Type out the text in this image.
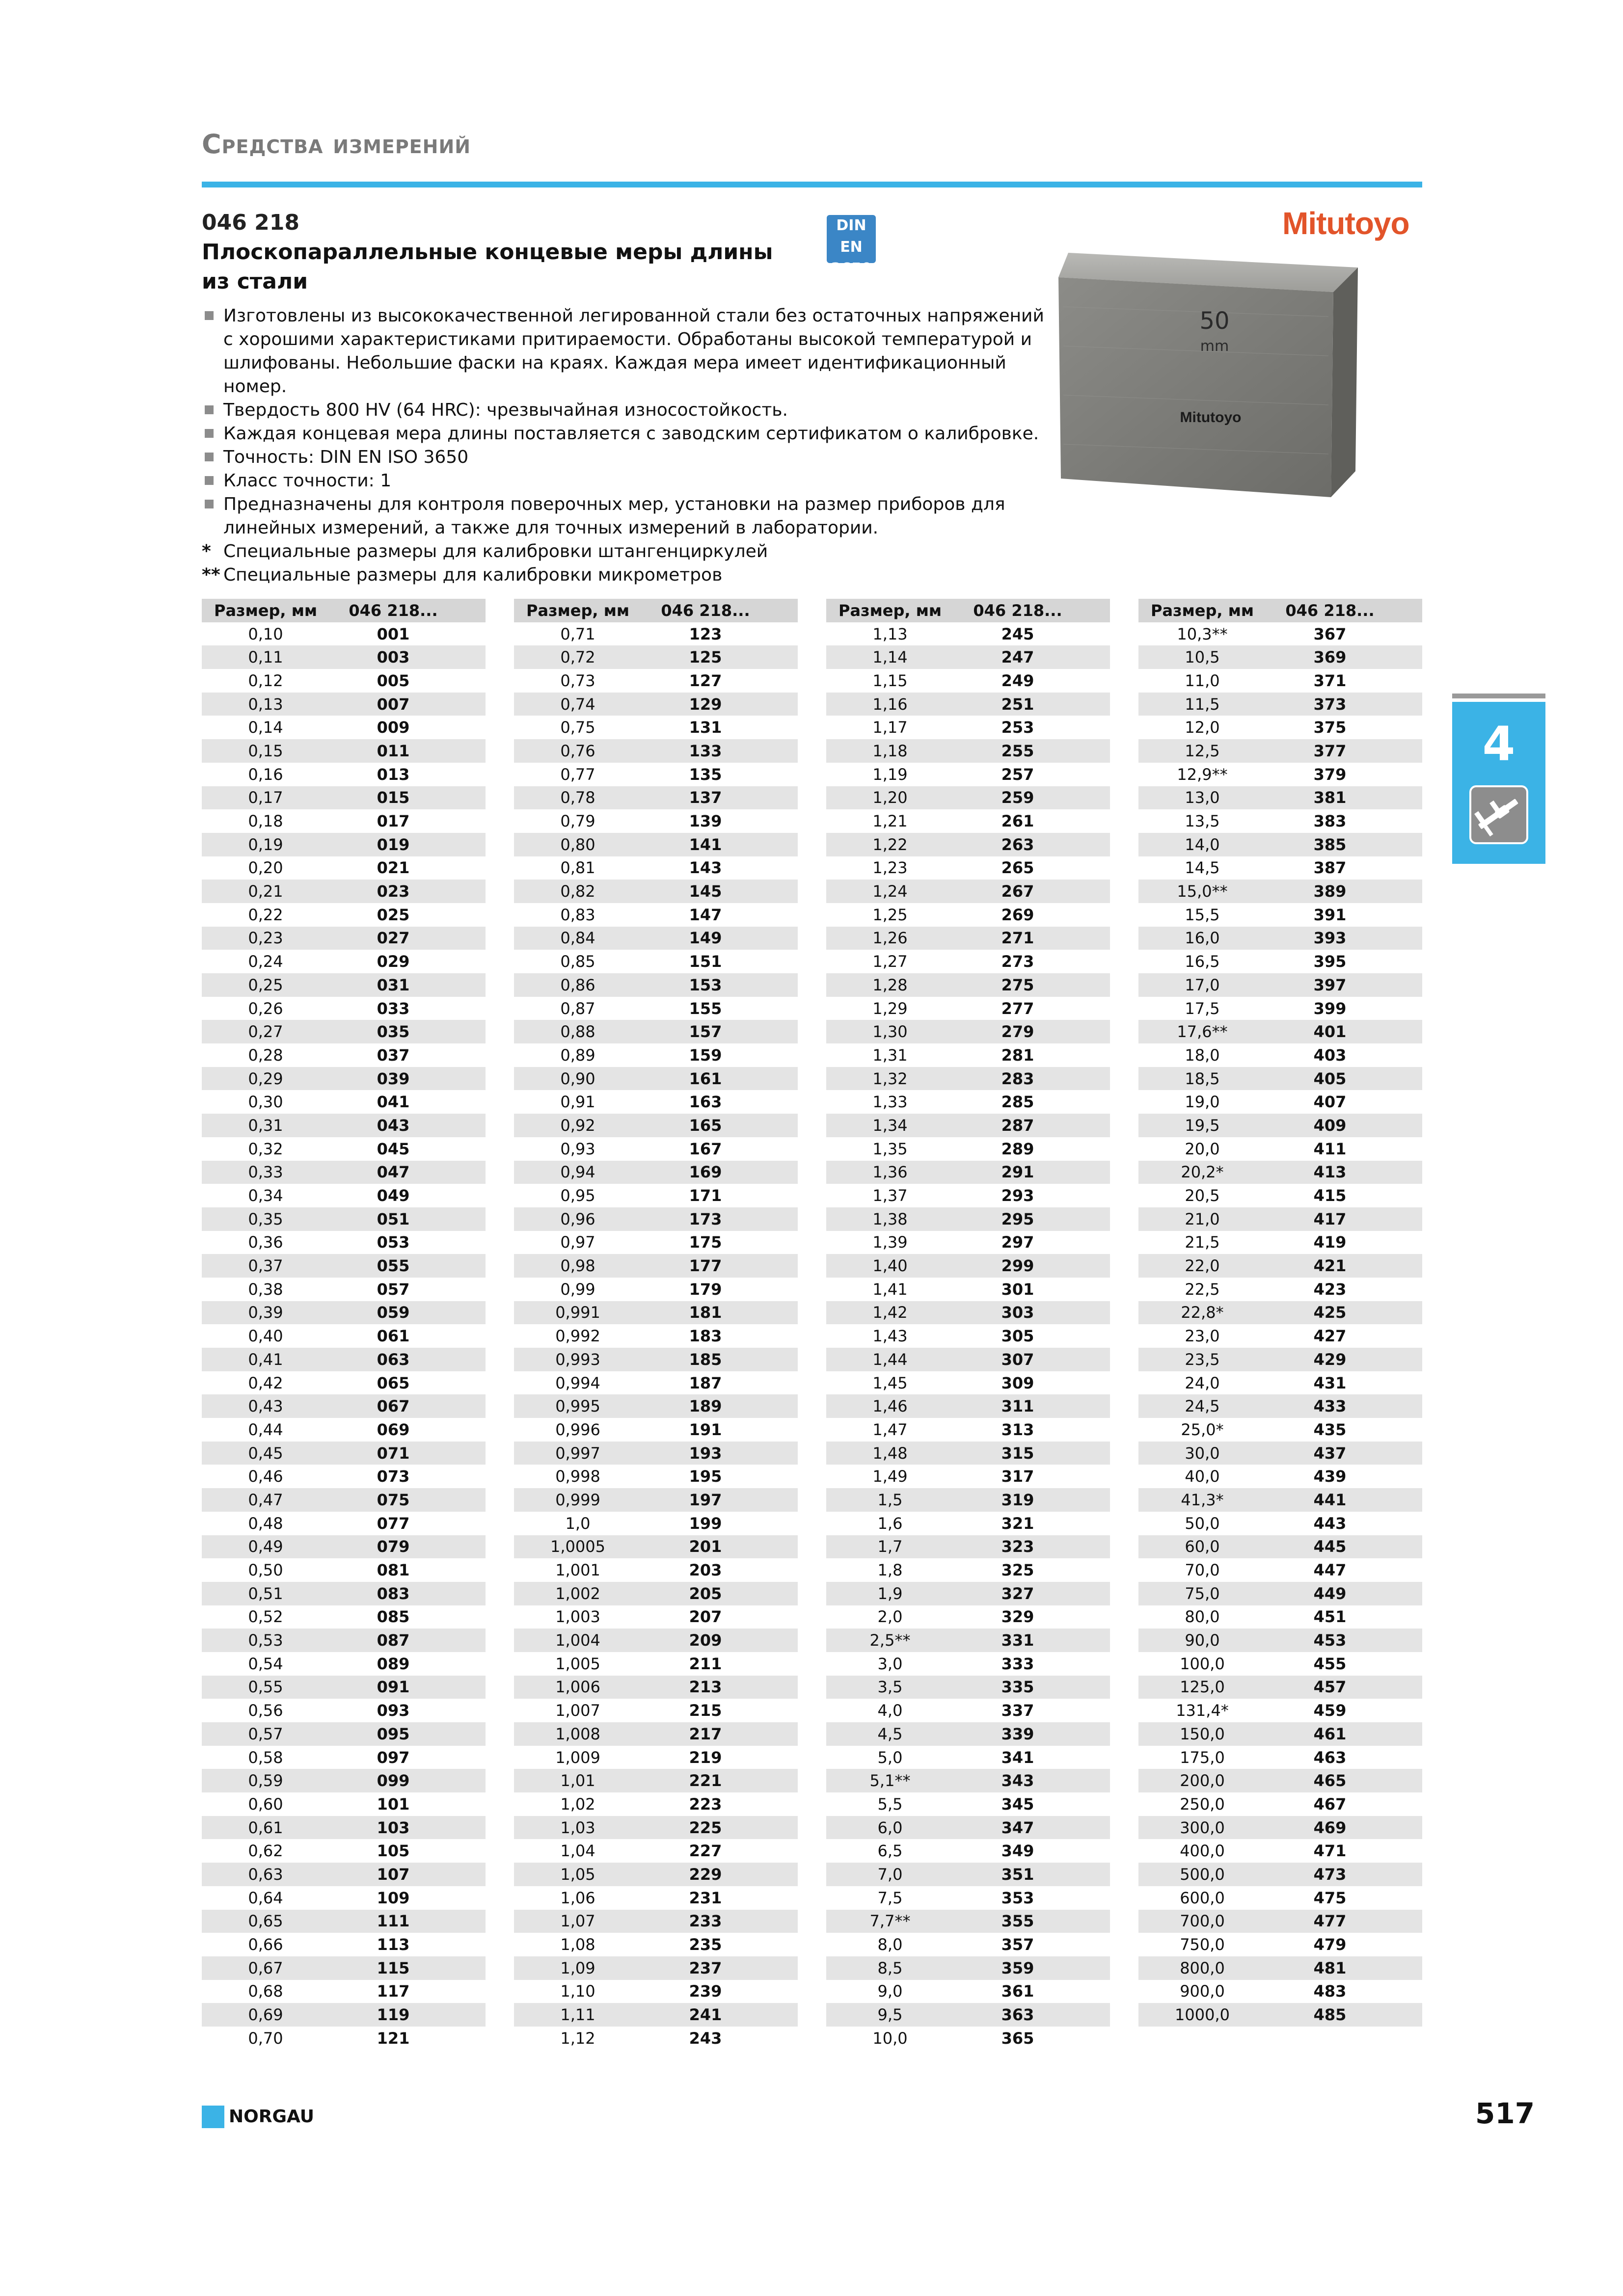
Средства измерений
046 218
Плоскопараллельные концевые меры длины
из стали
DIN EN
3650
Mitutoyo
50
mm
Mitutoyo
Изготовлены из высококачественной легированной стали без остаточных напряжений с хорошими характеристиками притираемости. Обработаны высокой температурой и шлифованы. Небольшие фаски на краях. Каждая мера имеет идентификационный номер.
Твердость 800 HV (64 HRC): чрезвычайная износостойкость.
Каждая концевая мера длины поставляется с заводским сертификатом о калибровке.
Точность: DIN EN ISO 3650
Класс точности: 1
Предназначены для контроля поверочных мер, установки на размер приборов для линейных измерений, а также для точных измерений в лаборатории.
* Специальные размеры для калибровки штангенциркулей
** Специальные размеры для калибровки микрометров
Размер, мм	046 218...
0,10	001
0,11	003
0,12	005
0,13	007
0,14	009
0,15	011
0,16	013
0,17	015
0,18	017
0,19	019
0,20	021
0,21	023
0,22	025
0,23	027
0,24	029
0,25	031
0,26	033
0,27	035
0,28	037
0,29	039
0,30	041
0,31	043
0,32	045
0,33	047
0,34	049
0,35	051
0,36	053
0,37	055
0,38	057
0,39	059
0,40	061
0,41	063
0,42	065
0,43	067
0,44	069
0,45	071
0,46	073
0,47	075
0,48	077
0,49	079
0,50	081
0,51	083
0,52	085
0,53	087
0,54	089
0,55	091
0,56	093
0,57	095
0,58	097
0,59	099
0,60	101
0,61	103
0,62	105
0,63	107
0,64	109
0,65	111
0,66	113
0,67	115
0,68	117
0,69	119
0,70	121
Размер, мм	046 218...
0,71	123
0,72	125
0,73	127
0,74	129
0,75	131
0,76	133
0,77	135
0,78	137
0,79	139
0,80	141
0,81	143
0,82	145
0,83	147
0,84	149
0,85	151
0,86	153
0,87	155
0,88	157
0,89	159
0,90	161
0,91	163
0,92	165
0,93	167
0,94	169
0,95	171
0,96	173
0,97	175
0,98	177
0,99	179
0,991	181
0,992	183
0,993	185
0,994	187
0,995	189
0,996	191
0,997	193
0,998	195
0,999	197
1,0	199
1,0005	201
1,001	203
1,002	205
1,003	207
1,004	209
1,005	211
1,006	213
1,007	215
1,008	217
1,009	219
1,01	221
1,02	223
1,03	225
1,04	227
1,05	229
1,06	231
1,07	233
1,08	235
1,09	237
1,10	239
1,11	241
1,12	243
Размер, мм	046 218...
1,13	245
1,14	247
1,15	249
1,16	251
1,17	253
1,18	255
1,19	257
1,20	259
1,21	261
1,22	263
1,23	265
1,24	267
1,25	269
1,26	271
1,27	273
1,28	275
1,29	277
1,30	279
1,31	281
1,32	283
1,33	285
1,34	287
1,35	289
1,36	291
1,37	293
1,38	295
1,39	297
1,40	299
1,41	301
1,42	303
1,43	305
1,44	307
1,45	309
1,46	311
1,47	313
1,48	315
1,49	317
1,5	319
1,6	321
1,7	323
1,8	325
1,9	327
2,0	329
2,5**	331
3,0	333
3,5	335
4,0	337
4,5	339
5,0	341
5,1**	343
5,5	345
6,0	347
6,5	349
7,0	351
7,5	353
7,7**	355
8,0	357
8,5	359
9,0	361
9,5	363
10,0	365
Размер, мм	046 218...
10,3**	367
10,5	369
11,0	371
11,5	373
12,0	375
12,5	377
12,9**	379
13,0	381
13,5	383
14,0	385
14,5	387
15,0**	389
15,5	391
16,0	393
16,5	395
17,0	397
17,5	399
17,6**	401
18,0	403
18,5	405
19,0	407
19,5	409
20,0	411
20,2*	413
20,5	415
21,0	417
21,5	419
22,0	421
22,5	423
22,8*	425
23,0	427
23,5	429
24,0	431
24,5	433
25,0*	435
30,0	437
40,0	439
41,3*	441
50,0	443
60,0	445
70,0	447
75,0	449
80,0	451
90,0	453
100,0	455
125,0	457
131,4*	459
150,0	461
175,0	463
200,0	465
250,0	467
300,0	469
400,0	471
500,0	473
600,0	475
700,0	477
750,0	479
800,0	481
900,0	483
1000,0	485
4
NORGAU	517
